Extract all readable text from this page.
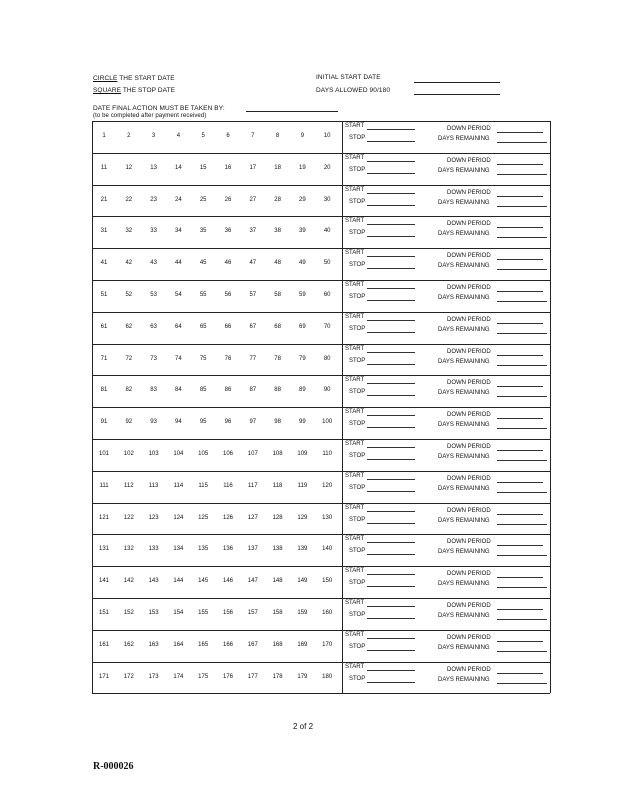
CIRCLE THE START DATE
SQUARE THE STOP DATE
INITIAL START DATE
DAYS ALLOWED 90/180
DATE FINAL ACTION MUST BE TAKEN BY:
(to be completed after payment received)
1	2	3	4	5	6	7	8	9	10
START
STOP
DOWN PERIOD
DAYS REMAINING
11	12	13	14	15	16	17	18	19	20
START
STOP
DOWN PERIOD
DAYS REMAINING
21	22	23	24	25	26	27	28	29	30
START
STOP
DOWN PERIOD
DAYS REMAINING
31	32	33	34	35	36	37	38	39	40
START
STOP
DOWN PERIOD
DAYS REMAINING
41	42	43	44	45	46	47	48	49	50
START
STOP
DOWN PERIOD
DAYS REMAINING
51	52	53	54	55	56	57	58	59	60
START
STOP
DOWN PERIOD
DAYS REMAINING
61	62	63	64	65	66	67	68	69	70
START
STOP
DOWN PERIOD
DAYS REMAINING
71	72	73	74	75	76	77	78	79	80
START
STOP
DOWN PERIOD
DAYS REMAINING
81	82	83	84	85	86	87	88	89	90
START
STOP
DOWN PERIOD
DAYS REMAINING
91	92	93	94	95	96	97	98	99	100
START
STOP
DOWN PERIOD
DAYS REMAINING
101	102	103	104	105	106	107	108	109	110
START
STOP
DOWN PERIOD
DAYS REMAINING
111	112	113	114	115	116	117	118	119	120
START
STOP
DOWN PERIOD
DAYS REMAINING
121	122	123	124	125	126	127	128	129	130
START
STOP
DOWN PERIOD
DAYS REMAINING
131	132	133	134	135	136	137	138	139	140
START
STOP
DOWN PERIOD
DAYS REMAINING
141	142	143	144	145	146	147	148	149	150
START
STOP
DOWN PERIOD
DAYS REMAINING
151	152	153	154	155	156	157	158	159	160
START
STOP
DOWN PERIOD
DAYS REMAINING
161	162	163	164	165	166	167	168	169	170
START
STOP
DOWN PERIOD
DAYS REMAINING
171	172	173	174	175	176	177	178	179	180
START
STOP
DOWN PERIOD
DAYS REMAINING
2 of 2
R-000026
